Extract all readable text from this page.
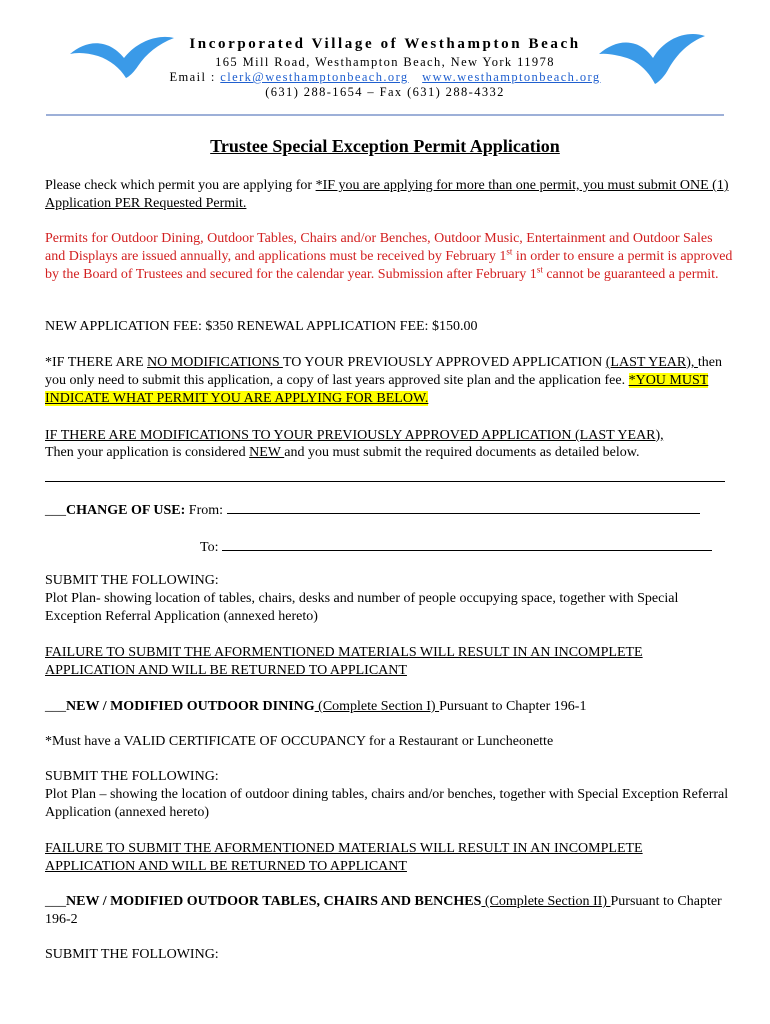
Incorporated Village of Westhampton Beach
165 Mill Road, Westhampton Beach, New York 11978
Email : clerk@westhamptonbeach.org www.westhamptonbeach.org
(631) 288-1654 – Fax (631) 288-4332
Trustee Special Exception Permit Application
Please check which permit you are applying for *IF you are applying for more than one permit, you must submit ONE (1) Application PER Requested Permit.
Permits for Outdoor Dining, Outdoor Tables, Chairs and/or Benches, Outdoor Music, Entertainment and Outdoor Sales and Displays are issued annually, and applications must be received by February 1st in order to ensure a permit is approved by the Board of Trustees and secured for the calendar year. Submission after February 1st cannot be guaranteed a permit.
NEW APPLICATION FEE: $350 RENEWAL APPLICATION FEE: $150.00
*IF THERE ARE NO MODIFICATIONS TO YOUR PREVIOUSLY APPROVED APPLICATION (LAST YEAR), then you only need to submit this application, a copy of last years approved site plan and the application fee. *YOU MUST INDICATE WHAT PERMIT YOU ARE APPLYING FOR BELOW.
IF THERE ARE MODIFICATIONS TO YOUR PREVIOUSLY APPROVED APPLICATION (LAST YEAR),
Then your application is considered NEW and you must submit the required documents as detailed below.
___CHANGE OF USE: From:
To:
SUBMIT THE FOLLOWING:
Plot Plan- showing location of tables, chairs, desks and number of people occupying space, together with Special Exception Referral Application (annexed hereto)
FAILURE TO SUBMIT THE AFORMENTIONED MATERIALS WILL RESULT IN AN INCOMPLETE APPLICATION AND WILL BE RETURNED TO APPLICANT
___NEW / MODIFIED OUTDOOR DINING (Complete Section I) Pursuant to Chapter 196-1
*Must have a VALID CERTIFICATE OF OCCUPANCY for a Restaurant or Luncheonette
SUBMIT THE FOLLOWING:
Plot Plan – showing the location of outdoor dining tables, chairs and/or benches, together with Special Exception Referral Application (annexed hereto)
FAILURE TO SUBMIT THE AFORMENTIONED MATERIALS WILL RESULT IN AN INCOMPLETE APPLICATION AND WILL BE RETURNED TO APPLICANT
___NEW / MODIFIED OUTDOOR TABLES, CHAIRS AND BENCHES (Complete Section II) Pursuant to Chapter 196-2
SUBMIT THE FOLLOWING:
